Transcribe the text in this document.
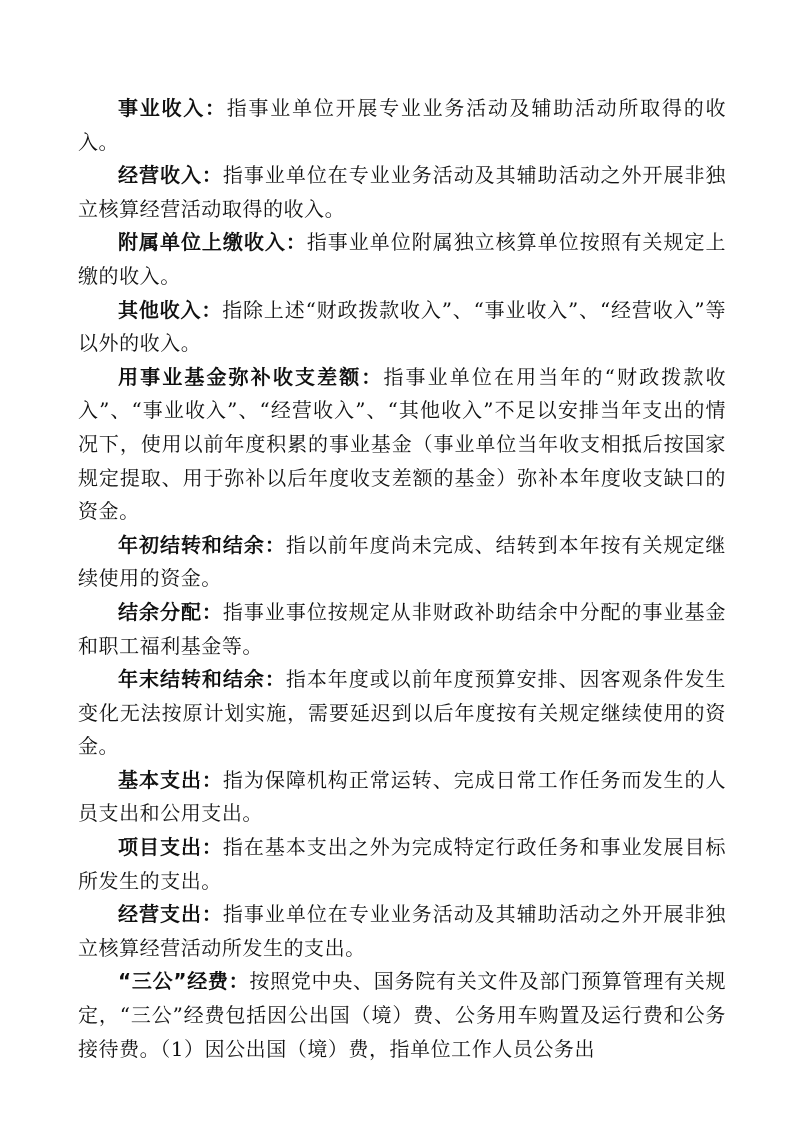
事业收入：指事业单位开展专业业务活动及辅助活动所取得的收入。

经营收入：指事业单位在专业业务活动及其辅助活动之外开展非独立核算经营活动取得的收入。

附属单位上缴收入：指事业单位附属独立核算单位按照有关规定上缴的收入。

其他收入：指除上述“财政拨款收入”、“事业收入”、“经营收入”等以外的收入。

用事业基金弥补收支差额：指事业单位在用当年的“财政拨款收入”、“事业收入”、“经营收入”、“其他收入”不足以安排当年支出的情况下，使用以前年度积累的事业基金（事业单位当年收支相抵后按国家规定提取、用于弥补以后年度收支差额的基金）弥补本年度收支缺口的资金。

年初结转和结余：指以前年度尚未完成、结转到本年按有关规定继续使用的资金。

结余分配：指事业事位按规定从非财政补助结余中分配的事业基金和职工福利基金等。

年末结转和结余：指本年度或以前年度预算安排、因客观条件发生变化无法按原计划实施，需要延迟到以后年度按有关规定继续使用的资金。

基本支出：指为保障机构正常运转、完成日常工作任务而发生的人员支出和公用支出。

项目支出：指在基本支出之外为完成特定行政任务和事业发展目标所发生的支出。

经营支出：指事业单位在专业业务活动及其辅助活动之外开展非独立核算经营活动所发生的支出。

“三公”经费：按照党中央、国务院有关文件及部门预算管理有关规定，“三公”经费包括因公出国（境）费、公务用车购置及运行费和公务接待费。（1）因公出国（境）费，指单位工作人员公务出
